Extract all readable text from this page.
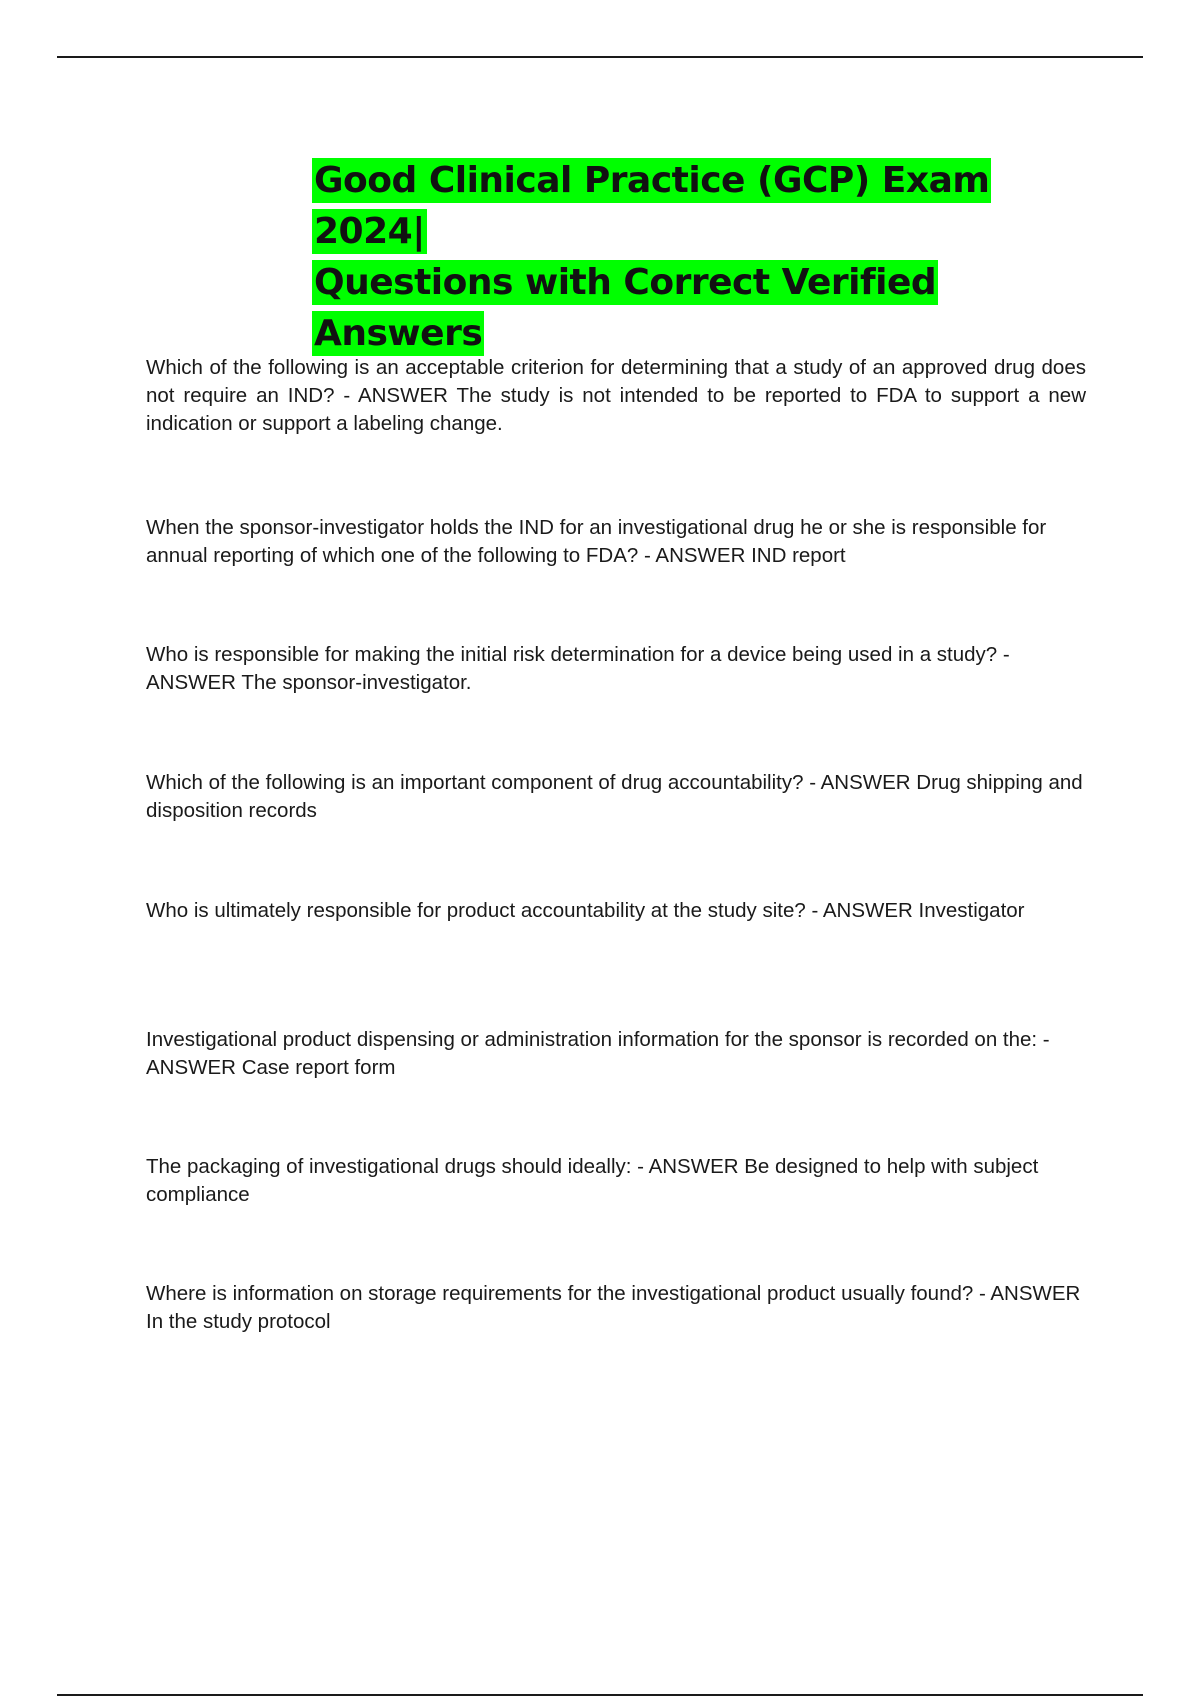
Good Clinical Practice (GCP) Exam 2024|
Questions with Correct Verified Answers

Which of the following is an acceptable criterion for determining that a study of an approved drug does not require an IND? - ANSWER The study is not intended to be reported to FDA to support a new indication or support a labeling change.

When the sponsor-investigator holds the IND for an investigational drug he or she is responsible for annual reporting of which one of the following to FDA? - ANSWER IND report

Who is responsible for making the initial risk determination for a device being used in a study? - ANSWER The sponsor-investigator.

Which of the following is an important component of drug accountability? - ANSWER Drug shipping and disposition records

Who is ultimately responsible for product accountability at the study site? - ANSWER Investigator

Investigational product dispensing or administration information for the sponsor is recorded on the: - ANSWER Case report form

The packaging of investigational drugs should ideally: - ANSWER Be designed to help with subject compliance

Where is information on storage requirements for the investigational product usually found? - ANSWER In the study protocol
